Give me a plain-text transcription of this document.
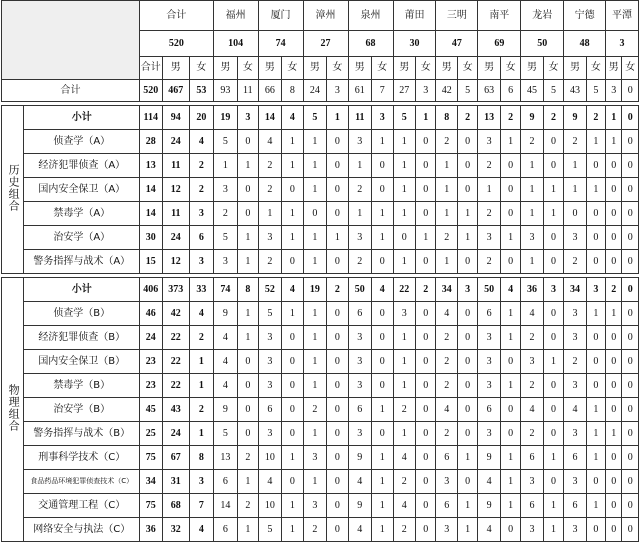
		合计			福州		厦门		漳州		泉州		莆田		三明		南平		龙岩		宁德		平潭	
		520			104		74		27		68		30		47		69		50		48		3	
		合计	男	女	男	女	男	女	男	女	男	女	男	女	男	女	男	女	男	女	男	女	男	女
合计		520	467	53	93	11	66	8	24	3	61	7	27	3	42	5	63	6	45	5	43	5	3	0

历史组合	小计	114	94	20	19	3	14	4	5	1	11	3	5	1	8	2	13	2	9	2	9	2	1	0
	侦查学（A）	28	24	4	5	0	4	1	1	0	3	1	1	0	2	0	3	1	2	0	2	1	1	0
	经济犯罪侦查（A）	13	11	2	1	1	2	1	1	0	1	0	1	0	1	0	2	0	1	0	1	0	0	0
	国内安全保卫（A）	14	12	2	3	0	2	0	1	0	2	0	1	0	1	0	1	0	1	1	1	1	0	0
	禁毒学（A）	14	11	3	2	0	1	1	0	0	1	1	1	0	1	1	2	0	1	1	0	0	0	0
	治安学（A）	30	24	6	5	1	3	1	1	1	3	1	0	1	2	1	3	1	3	0	3	0	0	0
	警务指挥与战术（A）	15	12	3	3	1	2	0	1	0	2	0	1	0	1	0	2	0	1	0	2	0	0	0

物理组合	小计	406	373	33	74	8	52	4	19	2	50	4	22	2	34	3	50	4	36	3	34	3	2	0
	侦查学（B）	46	42	4	9	1	5	1	1	0	6	0	3	0	4	0	6	1	4	0	3	1	1	0
	经济犯罪侦查（B）	24	22	2	4	1	3	0	1	0	3	0	1	0	2	0	3	1	2	0	3	0	0	0
	国内安全保卫（B）	23	22	1	4	0	3	0	1	0	3	0	1	0	2	0	3	0	3	1	2	0	0	0
	禁毒学（B）	23	22	1	4	0	3	0	1	0	3	0	1	0	2	0	3	1	2	0	3	0	0	0
	治安学（B）	45	43	2	9	0	6	0	2	0	6	1	2	0	4	0	6	0	4	0	4	1	0	0
	警务指挥与战术（B）	25	24	1	5	0	3	0	1	0	3	0	1	0	2	0	3	0	2	0	3	1	1	0
	刑事科学技术（C）	75	67	8	13	2	10	1	3	0	9	1	4	0	6	1	9	1	6	1	6	1	0	0
	食品药品环境犯罪侦查技术（C）	34	31	3	6	1	4	0	1	0	4	1	2	0	3	0	4	1	3	0	3	0	0	0
	交通管理工程（C）	75	68	7	14	2	10	1	3	0	9	1	4	0	6	1	9	1	6	1	6	1	0	0
	网络安全与执法（C）	36	32	4	6	1	5	1	2	0	4	1	2	0	3	1	4	0	3	1	3	0	0	0
